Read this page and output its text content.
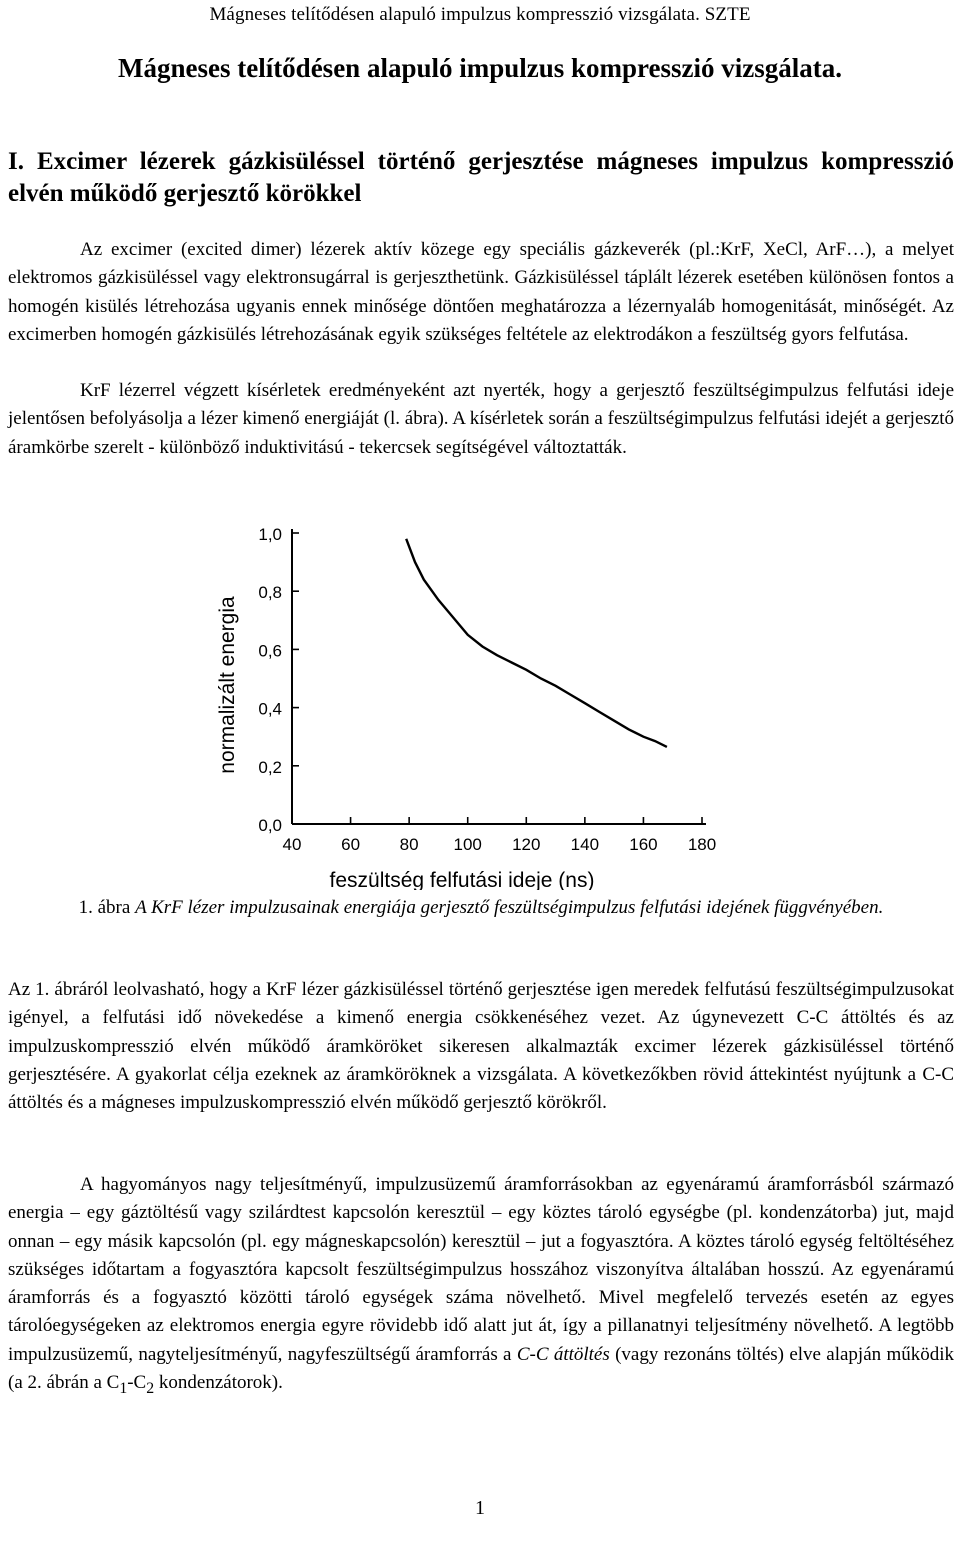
Mágneses telítődésen alapuló impulzus kompresszió vizsgálata. SZTE
Mágneses telítődésen alapuló impulzus kompresszió vizsgálata.
I. Excimer lézerek gázkisüléssel történő gerjesztése mágneses impulzus kompresszió elvén működő gerjesztő körökkel

Az excimer (excited dimer) lézerek aktív közege egy speciális gázkeverék (pl.:KrF, XeCl, ArF…), a melyet elektromos gázkisüléssel vagy elektronsugárral is gerjeszthetünk. Gázkisüléssel táplált lézerek esetében különösen fontos a homogén kisülés létrehozása ugyanis ennek minősége döntően meghatározza a lézernyaláb homogenitását, minőségét. Az excimerben homogén gázkisülés létrehozásának egyik szükséges feltétele az elektrodákon a feszültség gyors felfutása.

KrF lézerrel végzett kísérletek eredményeként azt nyerték, hogy a gerjesztő feszültségimpulzus felfutási ideje jelentősen befolyásolja a lézer kimenő energiáját (l. ábra). A kísérletek során a feszültségimpulzus felfutási idejét a gerjesztő áramkörbe szerelt - különböző induktivitású - tekercsek segítségével változtatták.

0,0
0,2
0,4
0,6
0,8
1,0
40 60 80 100 120 140 160 180
normalizált energia
feszültség felfutási ideje (ns)
1. ábra A KrF lézer impulzusainak energiája gerjesztő feszültségimpulzus felfutási idejének függvényében.

Az 1. ábráról leolvasható, hogy a KrF lézer gázkisüléssel történő gerjesztése igen meredek felfutású feszültségimpulzusokat igényel, a felfutási idő növekedése a kimenő energia csökkenéséhez vezet. Az úgynevezett C-C áttöltés és az impulzuskompresszió elvén működő áramköröket sikeresen alkalmazták excimer lézerek gázkisüléssel történő gerjesztésére. A gyakorlat célja ezeknek az áramköröknek a vizsgálata. A következőkben rövid áttekintést nyújtunk a C-C áttöltés és a mágneses impulzuskompresszió elvén működő gerjesztő körökről.

A hagyományos nagy teljesítményű, impulzusüzemű áramforrásokban az egyenáramú áramforrásból származó energia – egy gáztöltésű vagy szilárdtest kapcsolón keresztül – egy köztes tároló egységbe (pl. kondenzátorba) jut, majd onnan – egy másik kapcsolón (pl. egy mágneskapcsolón) keresztül – jut a fogyasztóra. A köztes tároló egység feltöltéséhez szükséges időtartam a fogyasztóra kapcsolt feszültségimpulzus hosszához viszonyítva általában hosszú. Az egyenáramú áramforrás és a fogyasztó közötti tároló egységek száma növelhető. Mivel megfelelő tervezés esetén az egyes tárolóegységeken az elektromos energia egyre rövidebb idő alatt jut át, így a pillanatnyi teljesítmény növelhető. A legtöbb impulzusüzemű, nagyteljesítményű, nagyfeszültségű áramforrás a C-C áttöltés (vagy rezonáns töltés) elve alapján működik (a 2. ábrán a $C_1-C_2$ kondenzátorok).

1
